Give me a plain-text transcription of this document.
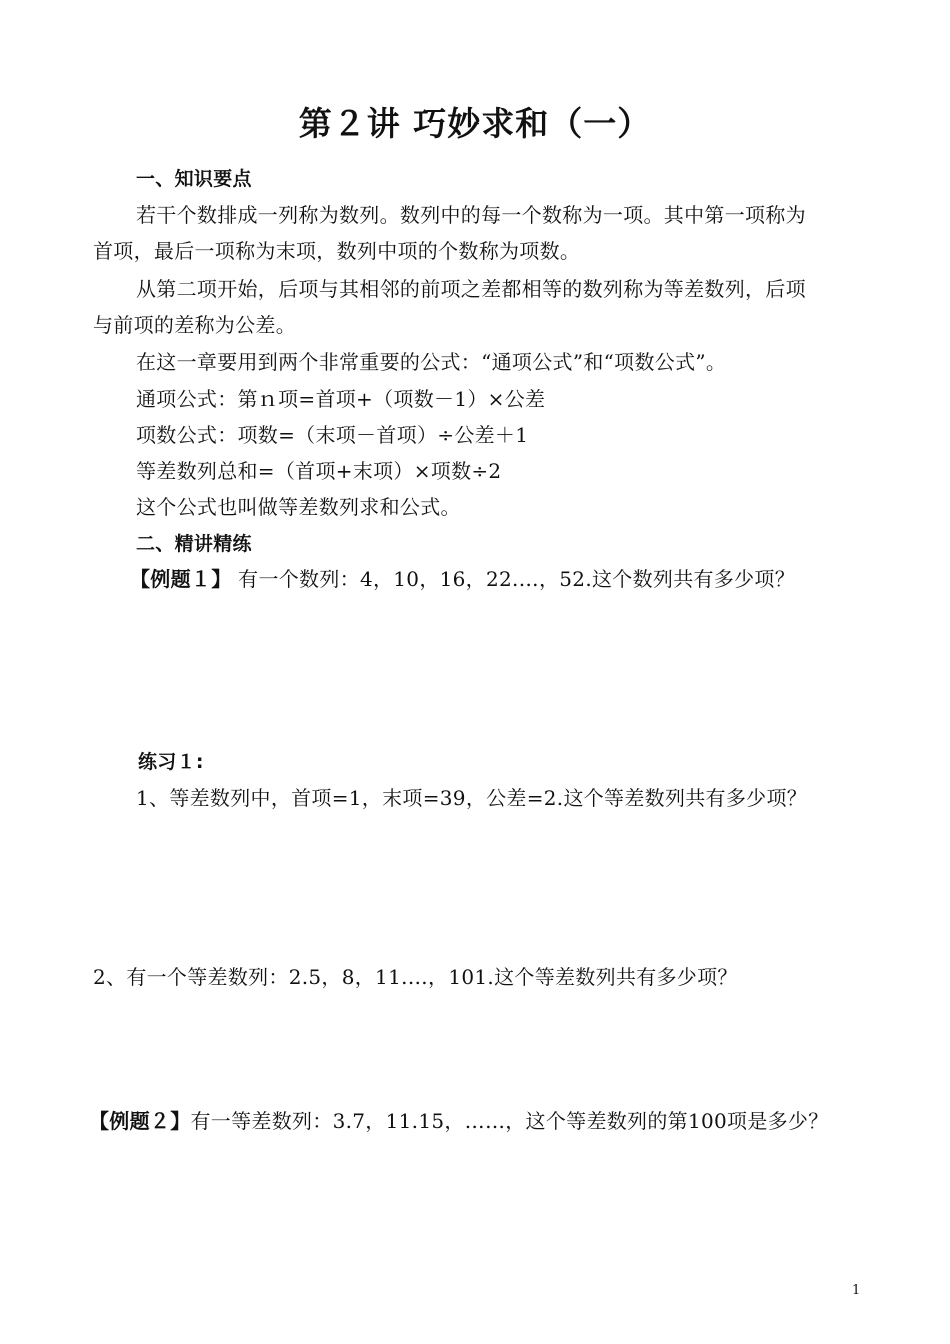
第２讲 巧妙求和（一）
一、知识要点
若干个数排成一列称为数列。数列中的每一个数称为一项。其中第一项称为
首项，最后一项称为末项，数列中项的个数称为项数。
从第二项开始，后项与其相邻的前项之差都相等的数列称为等差数列，后项
与前项的差称为公差。
在这一章要用到两个非常重要的公式：“通项公式”和“项数公式”。
通项公式：第ｎ项=首项+（项数－1）×公差
项数公式：项数=（末项－首项）÷公差＋1
等差数列总和=（首项+末项）×项数÷2
这个公式也叫做等差数列求和公式。
二、精讲精练
【例题１】 有一个数列：4，10，16，22.…，52.这个数列共有多少项？
练习１:
1、等差数列中，首项=1，末项=39，公差=2.这个等差数列共有多少项？
2、有一个等差数列：2.5，8，11.…，101.这个等差数列共有多少项？
【例题２】有一等差数列：3.7，11.15，……，这个等差数列的第100项是多少？
1
